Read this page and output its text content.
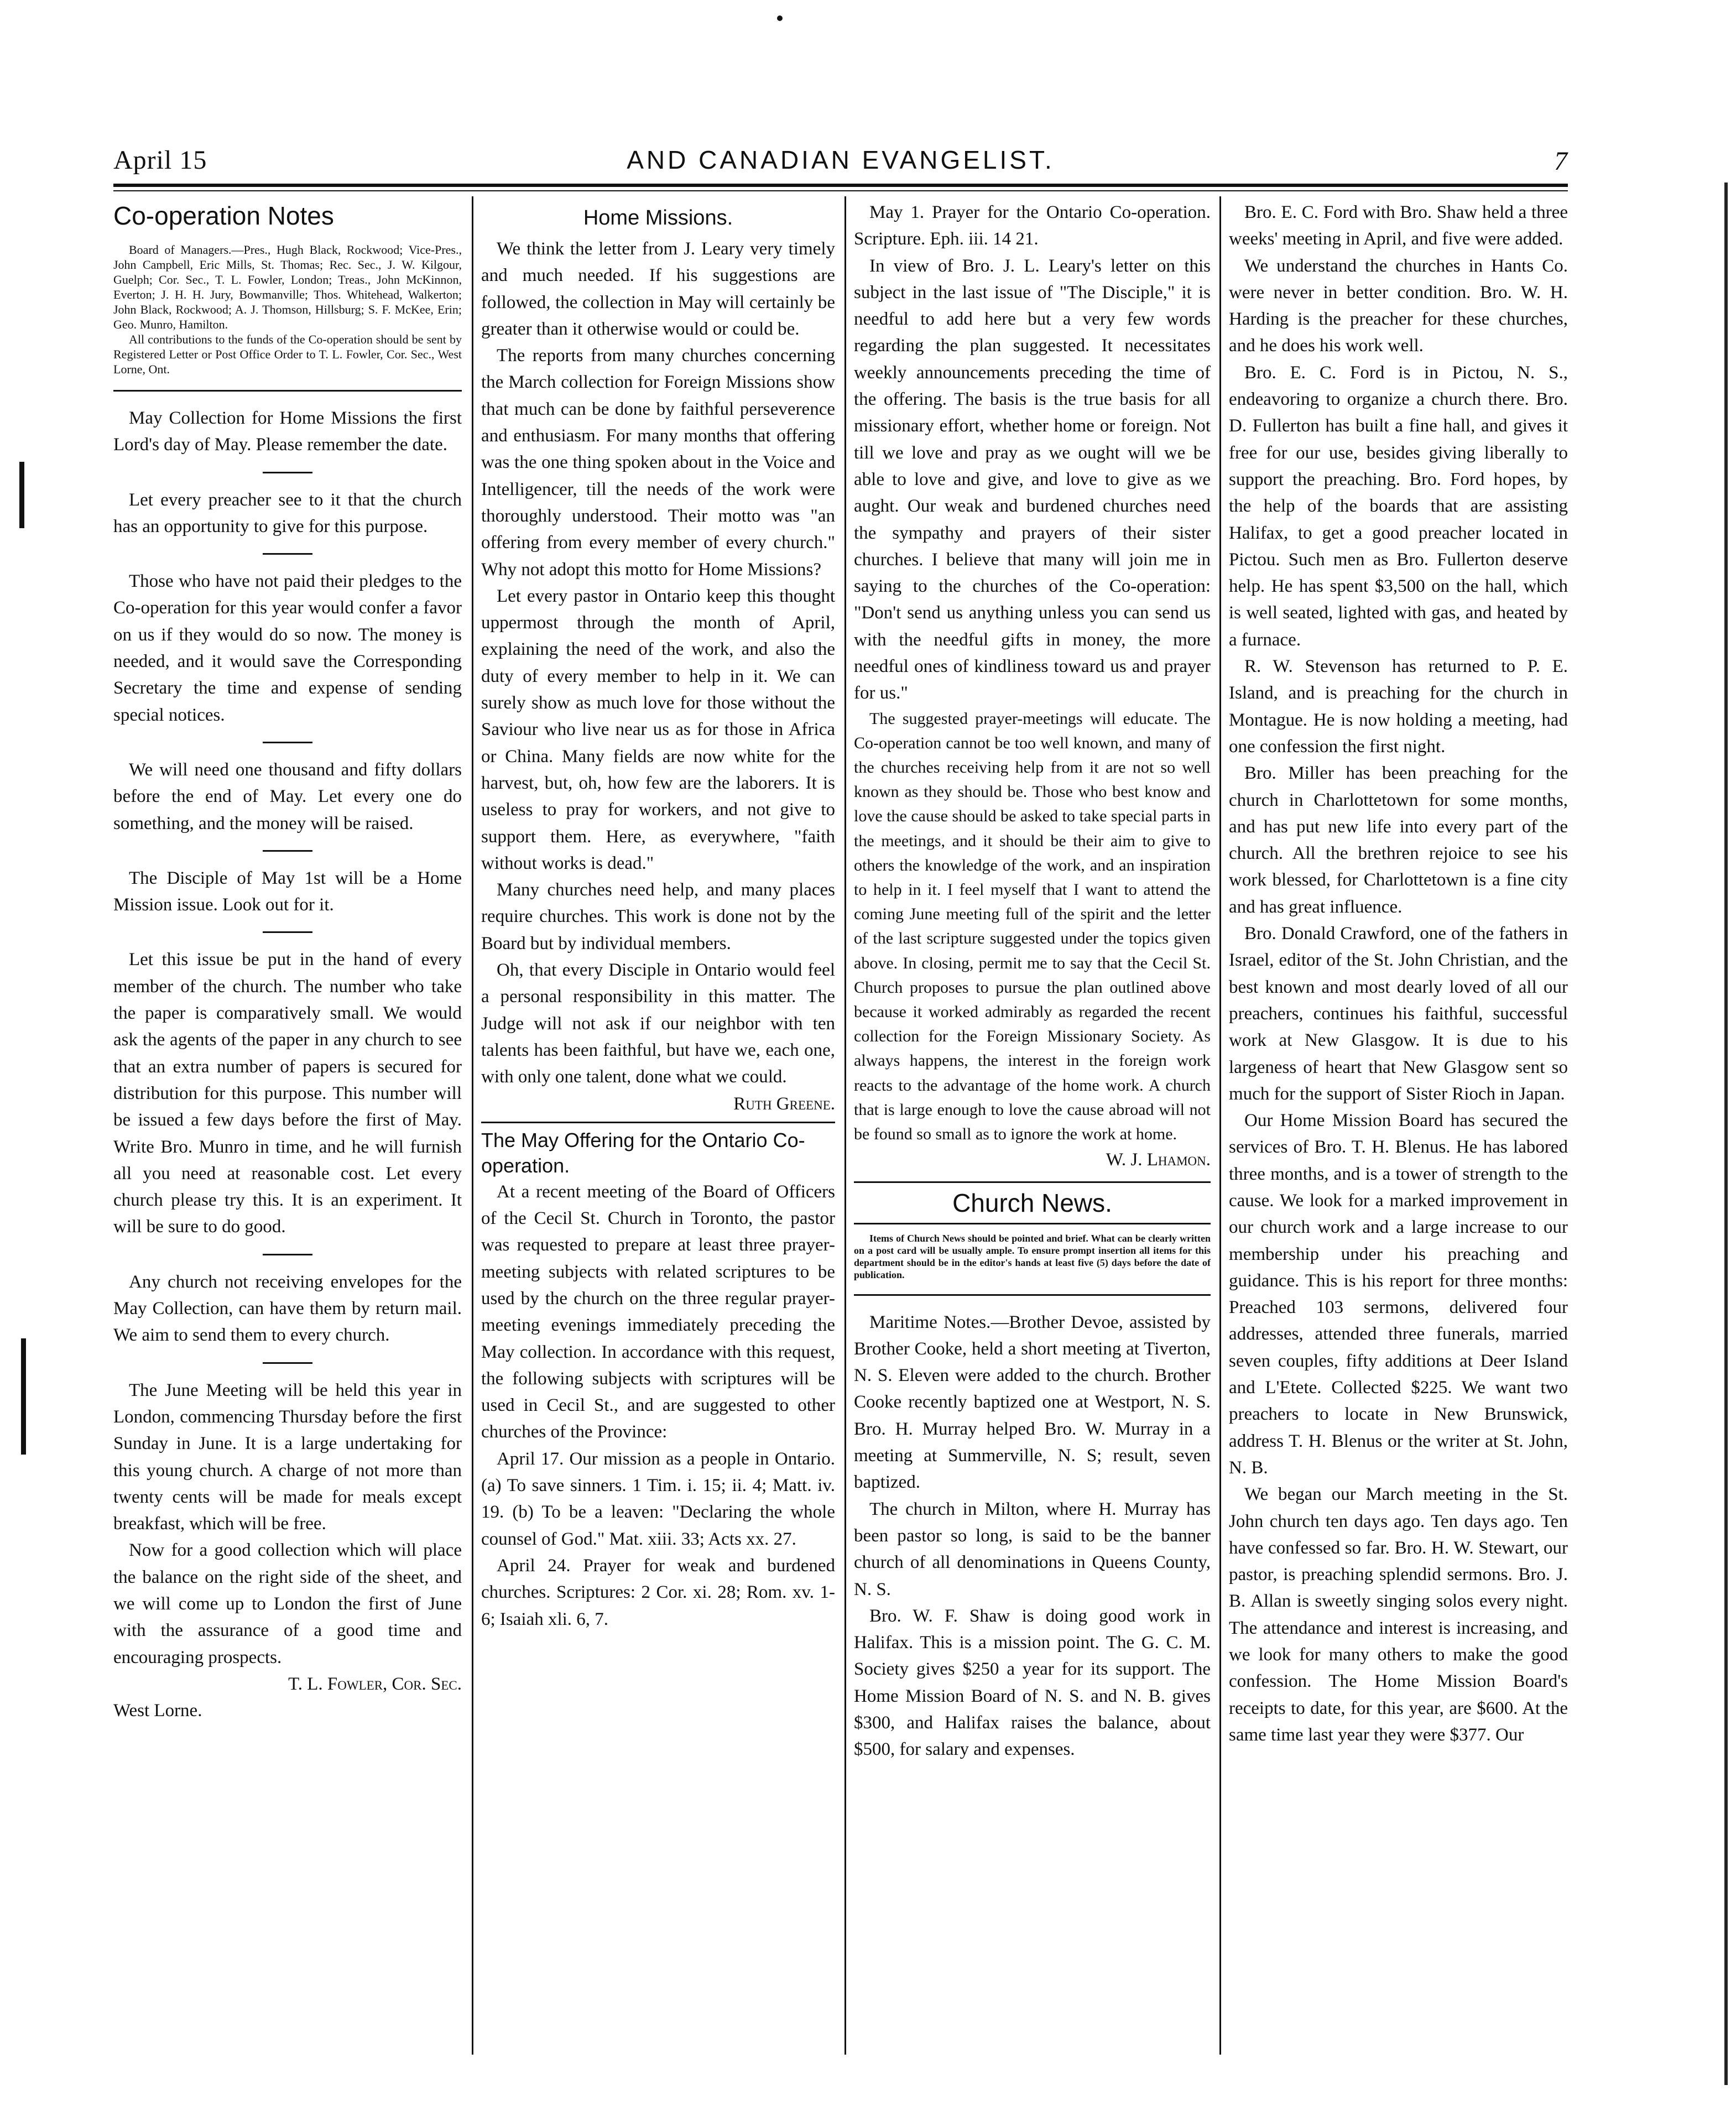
April 15	AND CANADIAN EVANGELIST.	7
Co-operation Notes

Board of Managers.—Pres., Hugh Black, Rockwood; Vice-Pres., John Campbell, Eric Mills, St. Thomas; Rec. Sec., J. W. Kilgour, Guelph; Cor. Sec., T. L. Fowler, London; Treas., John McKinnon, Everton; J. H. H. Jury, Bowmanville; Thos. Whitehead, Walkerton; John Black, Rockwood; A. J. Thomson, Hillsburg; S. F. McKee, Erin; Geo. Munro, Hamilton.

All contributions to the funds of the Co-operation should be sent by Registered Letter or Post Office Order to T. L. Fowler, Cor. Sec., West Lorne, Ont.

May Collection for Home Missions the first Lord's day of May. Please remember the date.

Let every preacher see to it that the church has an opportunity to give for this purpose.

Those who have not paid their pledges to the Co-operation for this year would confer a favor on us if they would do so now. The money is needed, and it would save the Corresponding Secretary the time and expense of sending special notices.

We will need one thousand and fifty dollars before the end of May. Let every one do something, and the money will be raised.

The Disciple of May 1st will be a Home Mission issue. Look out for it.

Let this issue be put in the hand of every member of the church. The number who take the paper is comparatively small. We would ask the agents of the paper in any church to see that an extra number of papers is secured for distribution for this purpose. This number will be issued a few days before the first of May. Write Bro. Munro in time, and he will furnish all you need at reasonable cost. Let every church please try this. It is an experiment. It will be sure to do good.

Any church not receiving envelopes for the May Collection, can have them by return mail. We aim to send them to every church.

The June Meeting will be held this year in London, commencing Thursday before the first Sunday in June. It is a large undertaking for this young church. A charge of not more than twenty cents will be made for meals except breakfast, which will be free.

Now for a good collection which will place the balance on the right side of the sheet, and we will come up to London the first of June with the assurance of a good time and encouraging prospects.

T. L. Fowler, Cor. Sec.

West Lorne.

Home Missions.

We think the letter from J. Leary very timely and much needed. If his suggestions are followed, the collection in May will certainly be greater than it otherwise would or could be.

The reports from many churches concerning the March collection for Foreign Missions show that much can be done by faithful perseverence and enthusiasm. For many months that offering was the one thing spoken about in the Voice and Intelligencer, till the needs of the work were thoroughly understood. Their motto was "an offering from every member of every church." Why not adopt this motto for Home Missions?

Let every pastor in Ontario keep this thought uppermost through the month of April, explaining the need of the work, and also the duty of every member to help in it. We can surely show as much love for those without the Saviour who live near us as for those in Africa or China. Many fields are now white for the harvest, but, oh, how few are the laborers. It is useless to pray for workers, and not give to support them. Here, as everywhere, "faith without works is dead."

Many churches need help, and many places require churches. This work is done not by the Board but by individual members.

Oh, that every Disciple in Ontario would feel a personal responsibility in this matter. The Judge will not ask if our neighbor with ten talents has been faithful, but have we, each one, with only one talent, done what we could.

Ruth Greene.

The May Offering for the Ontario Co-operation.

At a recent meeting of the Board of Officers of the Cecil St. Church in Toronto, the pastor was requested to prepare at least three prayer-meeting subjects with related scriptures to be used by the church on the three regular prayer-meeting evenings immediately preceding the May collection. In accordance with this request, the following subjects with scriptures will be used in Cecil St., and are suggested to other churches of the Province:

April 17. Our mission as a people in Ontario. (a) To save sinners. 1 Tim. i. 15; ii. 4; Matt. iv. 19. (b) To be a leaven: "Declaring the whole counsel of God." Mat. xiii. 33; Acts xx. 27.

April 24. Prayer for weak and burdened churches. Scriptures: 2 Cor. xi. 28; Rom. xv. 1-6; Isaiah xli. 6, 7.

May 1. Prayer for the Ontario Co-operation. Scripture. Eph. iii. 14 21.

In view of Bro. J. L. Leary's letter on this subject in the last issue of "The Disciple," it is needful to add here but a very few words regarding the plan suggested. It necessitates weekly announcements preceding the time of the offering. The basis is the true basis for all missionary effort, whether home or foreign. Not till we love and pray as we ought will we be able to love and give, and love to give as we aught. Our weak and burdened churches need the sympathy and prayers of their sister churches. I believe that many will join me in saying to the churches of the Co-operation: "Don't send us anything unless you can send us with the needful gifts in money, the more needful ones of kindliness toward us and prayer for us."

The suggested prayer-meetings will educate. The Co-operation cannot be too well known, and many of the churches receiving help from it are not so well known as they should be. Those who best know and love the cause should be asked to take special parts in the meetings, and it should be their aim to give to others the knowledge of the work, and an inspiration to help in it. I feel myself that I want to attend the coming June meeting full of the spirit and the letter of the last scripture suggested under the topics given above. In closing, permit me to say that the Cecil St. Church proposes to pursue the plan outlined above because it worked admirably as regarded the recent collection for the Foreign Missionary Society. As always happens, the interest in the foreign work reacts to the advantage of the home work. A church that is large enough to love the cause abroad will not be found so small as to ignore the work at home.

W. J. Lhamon.

Church News.

Items of Church News should be pointed and brief. What can be clearly written on a post card will be usually ample. To ensure prompt insertion all items for this department should be in the editor's hands at least five (5) days before the date of publication.

Maritime Notes.—Brother Devoe, assisted by Brother Cooke, held a short meeting at Tiverton, N. S. Eleven were added to the church. Brother Cooke recently baptized one at Westport, N. S. Bro. H. Murray helped Bro. W. Murray in a meeting at Summerville, N. S; result, seven baptized.

The church in Milton, where H. Murray has been pastor so long, is said to be the banner church of all denominations in Queens County, N. S.

Bro. W. F. Shaw is doing good work in Halifax. This is a mission point. The G. C. M. Society gives $250 a year for its support. The Home Mission Board of N. S. and N. B. gives $300, and Halifax raises the balance, about $500, for salary and expenses.

Bro. E. C. Ford with Bro. Shaw held a three weeks' meeting in April, and five were added.

We understand the churches in Hants Co. were never in better condition. Bro. W. H. Harding is the preacher for these churches, and he does his work well.

Bro. E. C. Ford is in Pictou, N. S., endeavoring to organize a church there. Bro. D. Fullerton has built a fine hall, and gives it free for our use, besides giving liberally to support the preaching. Bro. Ford hopes, by the help of the boards that are assisting Halifax, to get a good preacher located in Pictou. Such men as Bro. Fullerton deserve help. He has spent $3,500 on the hall, which is well seated, lighted with gas, and heated by a furnace.

R. W. Stevenson has returned to P. E. Island, and is preaching for the church in Montague. He is now holding a meeting, had one confession the first night.

Bro. Miller has been preaching for the church in Charlottetown for some months, and has put new life into every part of the church. All the brethren rejoice to see his work blessed, for Charlottetown is a fine city and has great influence.

Bro. Donald Crawford, one of the fathers in Israel, editor of the St. John Christian, and the best known and most dearly loved of all our preachers, continues his faithful, successful work at New Glasgow. It is due to his largeness of heart that New Glasgow sent so much for the support of Sister Rioch in Japan.

Our Home Mission Board has secured the services of Bro. T. H. Blenus. He has labored three months, and is a tower of strength to the cause. We look for a marked improvement in our church work and a large increase to our membership under his preaching and guidance. This is his report for three months: Preached 103 sermons, delivered four addresses, attended three funerals, married seven couples, fifty additions at Deer Island and L'Etete. Collected $225. We want two preachers to locate in New Brunswick, address T. H. Blenus or the writer at St. John, N. B.

We began our March meeting in the St. John church ten days ago. Ten days ago. Ten have confessed so far. Bro. H. W. Stewart, our pastor, is preaching splendid sermons. Bro. J. B. Allan is sweetly singing solos every night. The attendance and interest is increasing, and we look for many others to make the good confession. The Home Mission Board's receipts to date, for this year, are $600. At the same time last year they were $377. Our
